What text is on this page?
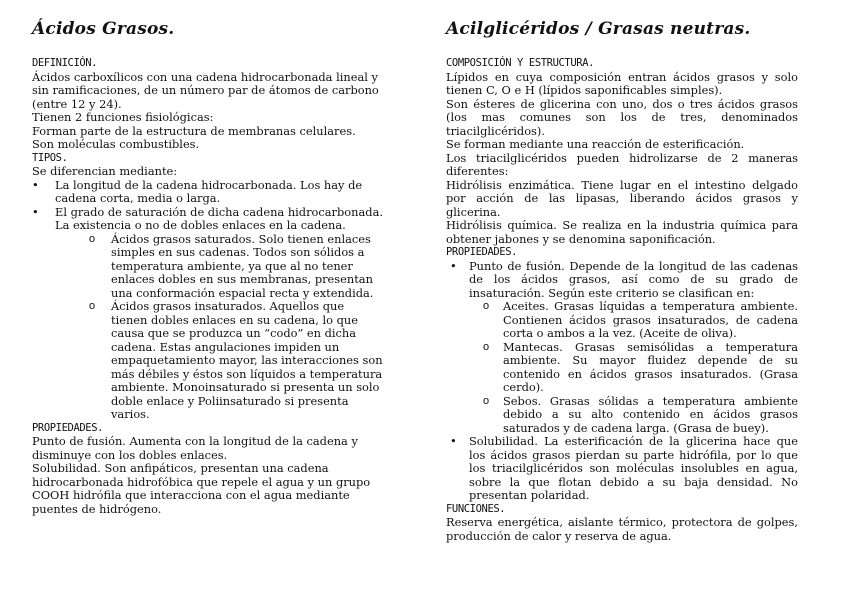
Ácidos Grasos.
DEFINICIÓN.

Ácidos carboxílicos con una cadena hidrocarbonada lineal y sin ramificaciones, de un número par de átomos de carbono (entre 12 y 24).

Tienen 2 funciones fisiológicas:

Forman parte de la estructura de membranas celulares.

Son moléculas combustibles.

TIPOS.

Se diferencian mediante:

• La longitud de la cadena hidrocarbonada. Los hay de cadena corta, media o larga.
• El grado de saturación de dicha cadena hidrocarbonada. La existencia o no de dobles enlaces en la cadena.
o Ácidos grasos saturados. Solo tienen enlaces simples en sus cadenas. Todos son sólidos a temperatura ambiente, ya que al no tener enlaces dobles en sus membranas, presentan una conformación espacial recta y extendida.
o Ácidos grasos insaturados. Aquellos que tienen dobles enlaces en su cadena, lo que causa que se produzca un “codo” en dicha cadena. Estas angulaciones impiden un empaquetamiento mayor, las interacciones son más débiles y éstos son líquidos a temperatura ambiente. Monoinsaturado si presenta un solo doble enlace y Poliinsaturado si presenta varios.
PROPIEDADES.

Punto de fusión. Aumenta con la longitud de la cadena y disminuye con los dobles enlaces.

Solubilidad. Son anfipáticos, presentan una cadena hidrocarbonada hidrofóbica que repele el agua y un grupo COOH hidrófila que interacciona con el agua mediante puentes de hidrógeno.

Acilglicéridos / Grasas neutras.
COMPOSICIÓN Y ESTRUCTURA.

Lípidos en cuya composición entran ácidos grasos y solo tienen C, O e H (lípidos saponificables simples).

Son ésteres de glicerina con uno, dos o tres ácidos grasos (los mas comunes son los de tres, denominados triacilglicéridos).

Se forman mediante una reacción de esterificación.

Los triacilglicéridos pueden hidrolizarse de 2 maneras diferentes:

Hidrólisis enzimática. Tiene lugar en el intestino delgado por acción de las lipasas, liberando ácidos grasos y glicerina.

Hidrólisis química. Se realiza en la industria química para obtener jabones y se denomina saponificación.

PROPIEDADES.
• Punto de fusión. Depende de la longitud de las cadenas de los ácidos grasos, así como de su grado de insaturación. Según este criterio se clasifican en:
o Aceites. Grasas líquidas a temperatura ambiente. Contienen ácidos grasos insaturados, de cadena corta o ambos a la vez. (Aceite de oliva).
o Mantecas. Grasas semisólidas a temperatura ambiente. Su mayor fluidez depende de su contenido en ácidos grasos insaturados. (Grasa cerdo).
o Sebos. Grasas sólidas a temperatura ambiente debido a su alto contenido en ácidos grasos saturados y de cadena larga. (Grasa de buey).
• Solubilidad. La esterificación de la glicerina hace que los ácidos grasos pierdan su parte hidrófila, por lo que los triacilglicéridos son moléculas insolubles en agua, sobre la que flotan debido a su baja densidad. No presentan polaridad.
FUNCIONES.

Reserva energética, aislante térmico, protectora de golpes, producción de calor y reserva de agua.
